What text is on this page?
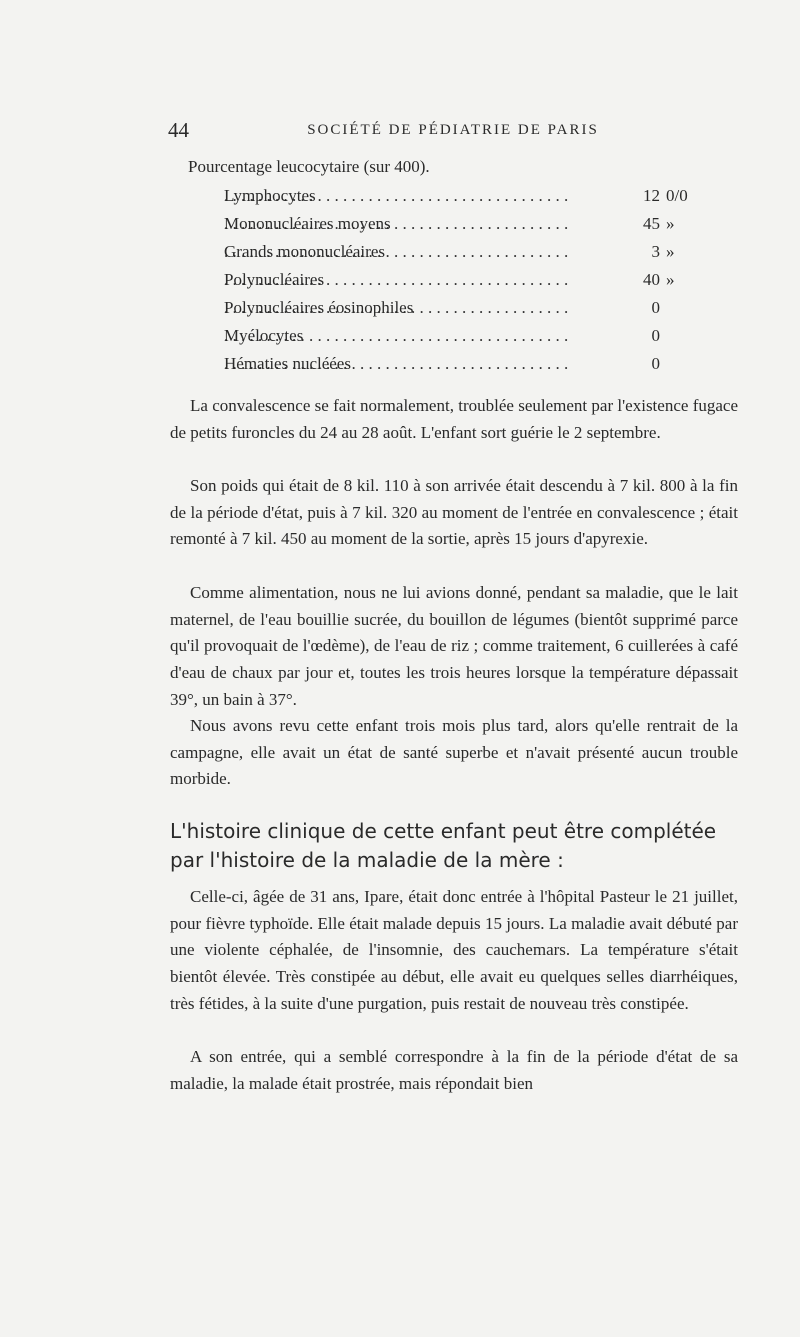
44	SOCIÉTÉ DE PÉDIATRIE DE PARIS
Pourcentage leucocytaire (sur 400).
. . .
Lymphocytes	12 0/0
. . .
Mononucléaires moyens	45 »
. . .
Grands mononucléaires	3 »
. . .
Polynucléaires	40 »
. . .
Polynucléaires éosinophiles	0
. . .
Myélocytes	0
. . .
Hématies nucléées	0

La convalescence se fait normalement, troublée seulement par l'existence fugace de petits furoncles du 24 au 28 août. L'enfant sort guérie le 2 septembre.

Son poids qui était de 8 kil. 110 à son arrivée était descendu à 7 kil. 800 à la fin de la période d'état, puis à 7 kil. 320 au moment de l'entrée en convalescence ; était remonté à 7 kil. 450 au moment de la sortie, après 15 jours d'apyrexie.

Comme alimentation, nous ne lui avions donné, pendant sa maladie, que le lait maternel, de l'eau bouillie sucrée, du bouillon de légumes (bientôt supprimé parce qu'il provoquait de l'œdème), de l'eau de riz ; comme traitement, 6 cuillerées à café d'eau de chaux par jour et, toutes les trois heures lorsque la température dépassait 39°, un bain à 37°.

Nous avons revu cette enfant trois mois plus tard, alors qu'elle rentrait de la campagne, elle avait un état de santé superbe et n'avait présenté aucun trouble morbide.

L'histoire clinique de cette enfant peut être complétée par l'histoire de la maladie de la mère :

Celle-ci, âgée de 31 ans, Ipare, était donc entrée à l'hôpital Pasteur le 21 juillet, pour fièvre typhoïde. Elle était malade depuis 15 jours. La maladie avait débuté par une violente céphalée, de l'insomnie, des cauchemars. La température s'était bientôt élevée. Très constipée au début, elle avait eu quelques selles diarrhéiques, très fétides, à la suite d'une purgation, puis restait de nouveau très constipée.

A son entrée, qui a semblé correspondre à la fin de la période d'état de sa maladie, la malade était prostrée, mais répondait bien
